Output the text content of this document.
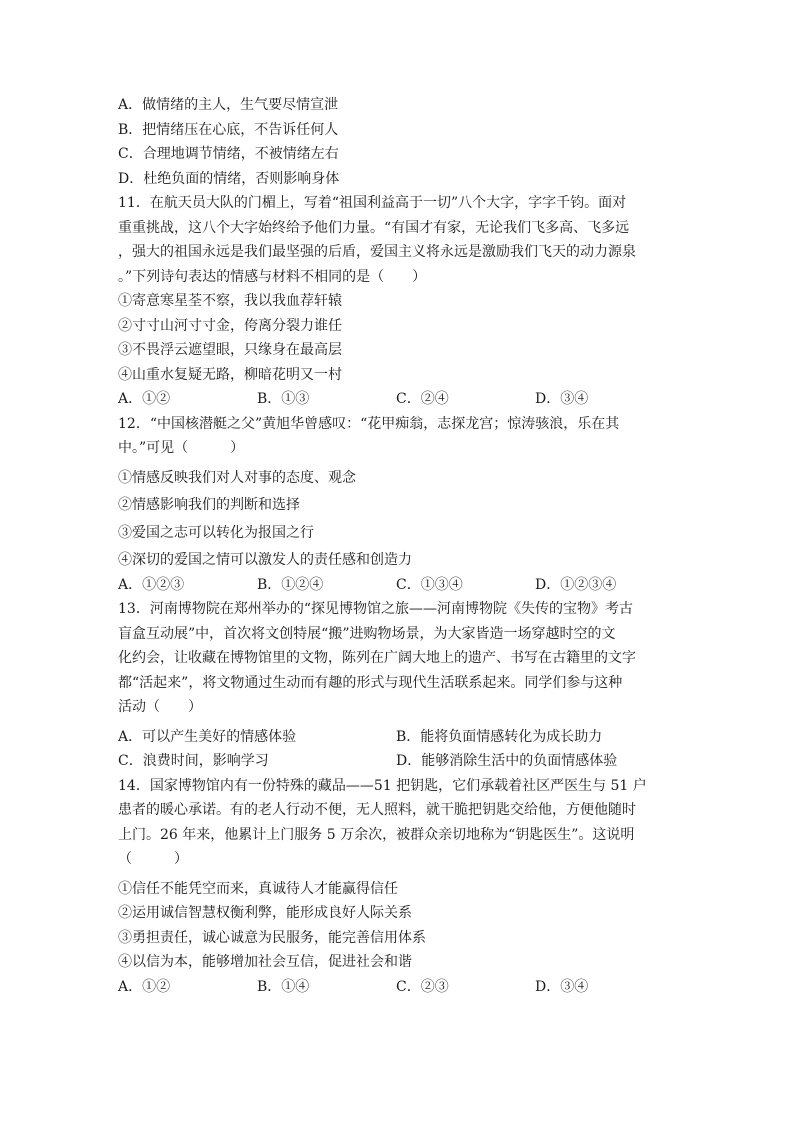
A．做情绪的主人，生气要尽情宣泄
B．把情绪压在心底，不告诉任何人
C．合理地调节情绪，不被情绪左右
D．杜绝负面的情绪，否则影响身体
11．在航天员大队的门楣上，写着“祖国利益高于一切”八个大字，字字千钧。面对
重重挑战，这八个大字始终给予他们力量。“有国才有家，无论我们飞多高、飞多远
，强大的祖国永远是我们最坚强的后盾，爱国主义将永远是激励我们飞天的动力源泉
。”下列诗句表达的情感与材料不相同的是（　　）
①寄意寒星荃不察，我以我血荐轩辕
②寸寸山河寸寸金，侉离分裂力谁任
③不畏浮云遮望眼，只缘身在最高层
④山重水复疑无路，柳暗花明又一村
A．①②	B．①③	C．②④	D．③④
12．“中国核潜艇之父”黄旭华曾感叹：“花甲痴翁，志探龙宫；惊涛骇浪，乐在其
中。”可见（　　　）
①情感反映我们对人对事的态度、观念
②情感影响我们的判断和选择
③爱国之志可以转化为报国之行
④深切的爱国之情可以激发人的责任感和创造力
A．①②③	B．①②④	C．①③④	D．①②③④
13．河南博物院在郑州举办的“探见博物馆之旅——河南博物院《失传的宝物》考古
盲盒互动展”中，首次将文创特展“搬”进购物场景，为大家皆造一场穿越时空的文
化约会，让收藏在博物馆里的文物，陈列在广阔大地上的遗产、书写在古籍里的文字
都“活起来”，将文物通过生动而有趣的形式与现代生活联系起来。同学们参与这种
活动（　　）
A．可以产生美好的情感体验	B．能将负面情感转化为成长助力
C．浪费时间，影响学习	D．能够消除生活中的负面情感体验
14．国家博物馆内有一份特殊的藏品——51 把钥匙，它们承载着社区严医生与 51 户
患者的暖心承诺。有的老人行动不便，无人照料，就干脆把钥匙交给他，方便他随时
上门。26 年来，他累计上门服务 5 万余次，被群众亲切地称为“钥匙医生”。这说明
（　　　）
①信任不能凭空而来，真诚待人才能赢得信任
②运用诚信智慧权衡利弊，能形成良好人际关系
③勇担责任，诚心诚意为民服务，能完善信用体系
④以信为本，能够增加社会互信，促进社会和谐
A．①②	B．①④	C．②③	D．③④
